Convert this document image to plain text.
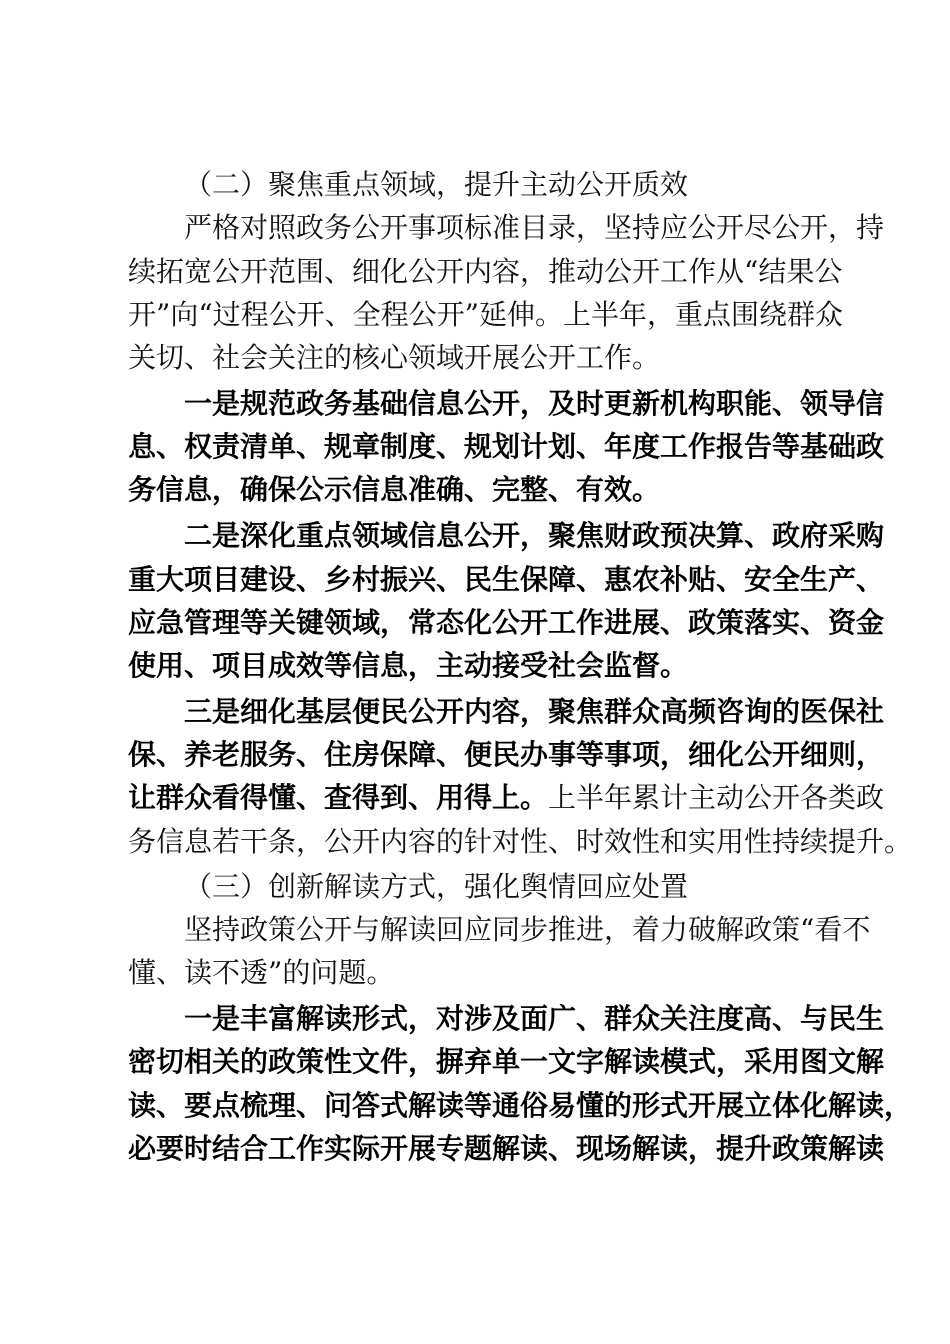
（二）聚焦重点领域，提升主动公开质效
严格对照政务公开事项标准目录，坚持应公开尽公开，持
续拓宽公开范围、细化公开内容，推动公开工作从“结果公
开”向“过程公开、全程公开”延伸。上半年，重点围绕群众
关切、社会关注的核心领域开展公开工作。
一是规范政务基础信息公开，及时更新机构职能、领导信
息、权责清单、规章制度、规划计划、年度工作报告等基础政
务信息，确保公示信息准确、完整、有效。
二是深化重点领域信息公开，聚焦财政预决算、政府采购
重大项目建设、乡村振兴、民生保障、惠农补贴、安全生产、
应急管理等关键领域，常态化公开工作进展、政策落实、资金
使用、项目成效等信息，主动接受社会监督。
三是细化基层便民公开内容，聚焦群众高频咨询的医保社
保、养老服务、住房保障、便民办事等事项，细化公开细则，
让群众看得懂、查得到、用得上。上半年累计主动公开各类政
务信息若干条，公开内容的针对性、时效性和实用性持续提升。
（三）创新解读方式，强化舆情回应处置
坚持政策公开与解读回应同步推进，着力破解政策“看不
懂、读不透”的问题。
一是丰富解读形式，对涉及面广、群众关注度高、与民生
密切相关的政策性文件，摒弃单一文字解读模式，采用图文解
读、要点梳理、问答式解读等通俗易懂的形式开展立体化解读，
必要时结合工作实际开展专题解读、现场解读，提升政策解读
